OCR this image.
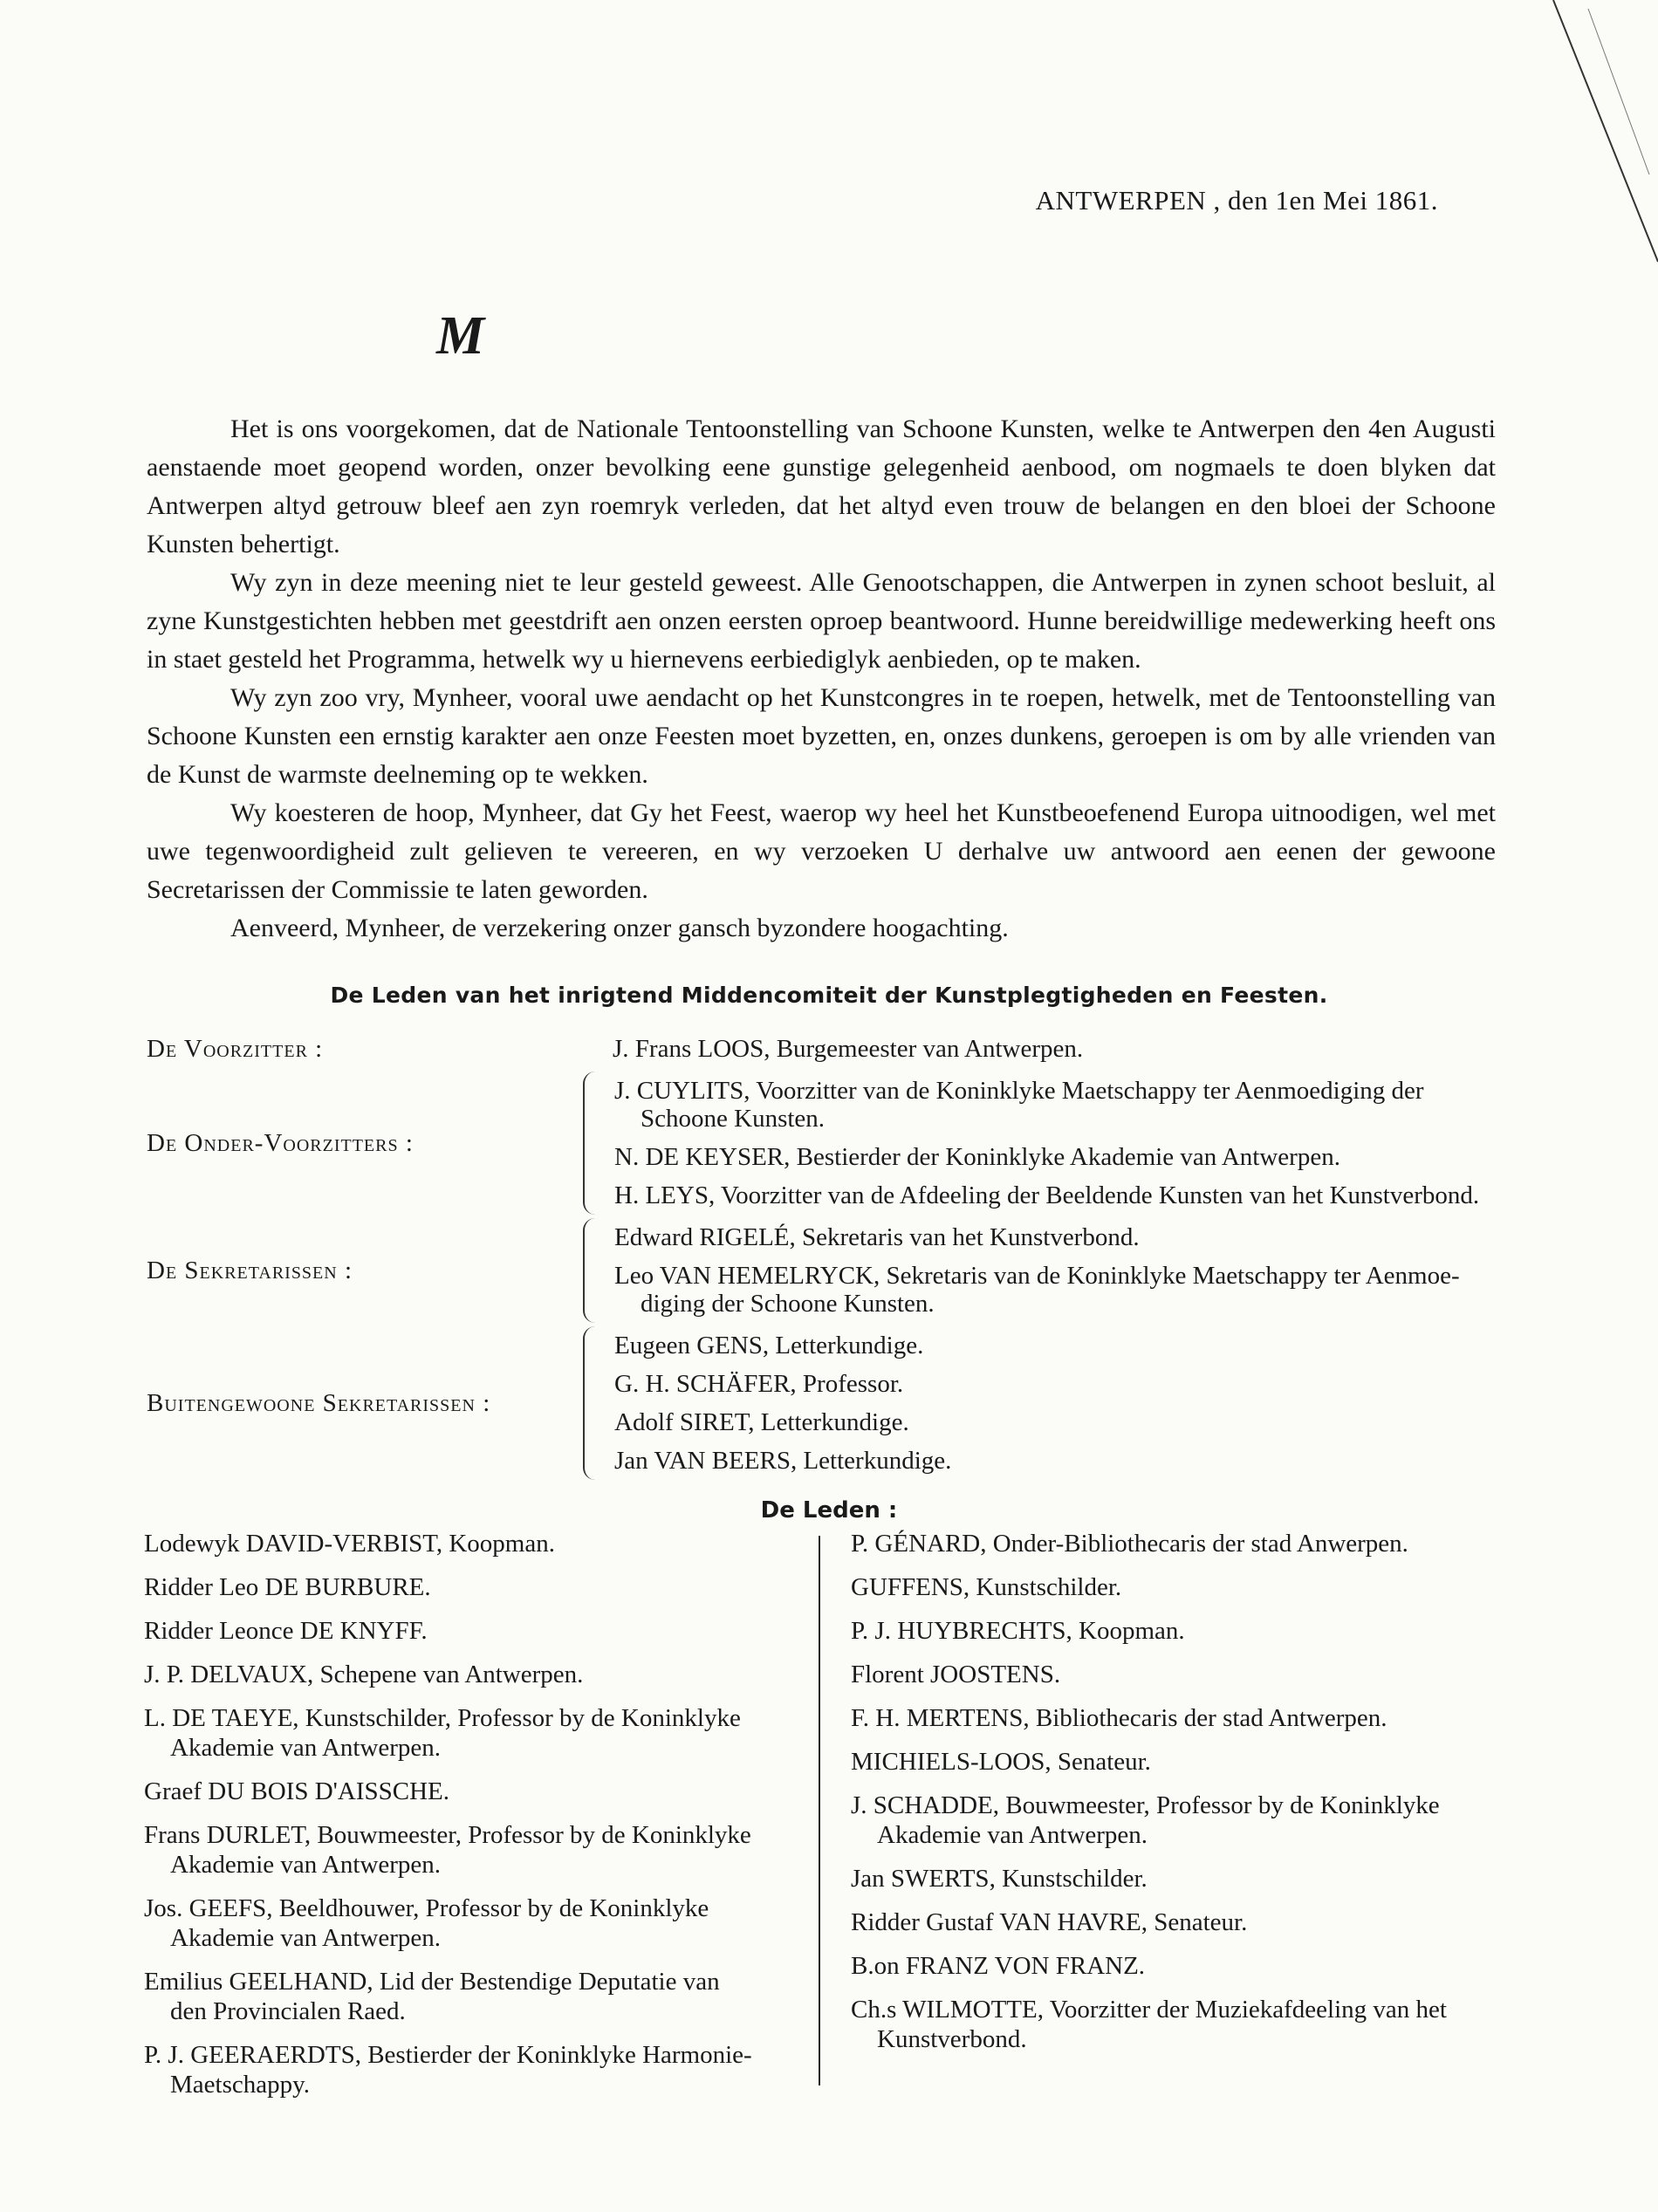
ANTWERPEN , den 1en Mei 1861.
M

Het is ons voorgekomen, dat de Nationale Tentoonstelling van Schoone Kunsten, welke te Antwerpen den 4en Augusti aenstaende moet geopend worden, onzer bevolking eene gunstige gelegenheid aenbood, om nogmaels te doen blyken dat Antwerpen altyd getrouw bleef aen zyn roemryk verleden, dat het altyd even trouw de belangen en den bloei der Schoone Kunsten behertigt.

Wy zyn in deze meening niet te leur gesteld geweest. Alle Genootschappen, die Antwerpen in zynen schoot besluit, al zyne Kunstgestichten hebben met geestdrift aen onzen eersten oproep beantwoord. Hunne bereidwillige medewerking heeft ons in staet gesteld het Programma, hetwelk wy u hiernevens eerbiediglyk aenbieden, op te maken.

Wy zyn zoo vry, Mynheer, vooral uwe aendacht op het Kunstcongres in te roepen, hetwelk, met de Tentoonstelling van Schoone Kunsten een ernstig karakter aen onze Feesten moet byzetten, en, onzes dunkens, geroepen is om by alle vrienden van de Kunst de warmste deelneming op te wekken.

Wy koesteren de hoop, Mynheer, dat Gy het Feest, waerop wy heel het Kunstbeoefenend Europa uitnoodigen, wel met uwe tegenwoordigheid zult gelieven te vereeren, en wy verzoeken U derhalve uw antwoord aen eenen der gewoone Secretarissen der Commissie te laten geworden.

Aenveerd, Mynheer, de verzekering onzer gansch byzondere hoogachting.

De Leden van het inrigtend Middencomiteit der Kunstplegtigheden en Feesten.
De Voorzitter :	J. Frans LOOS, Burgemeester van Antwerpen.
De Onder-Voorzitters :
J. CUYLITS, Voorzitter van de Koninklyke Maetschappy ter Aenmoediging der
Schoone Kunsten.
N. DE KEYSER, Bestierder der Koninklyke Akademie van Antwerpen.
H. LEYS, Voorzitter van de Afdeeling der Beeldende Kunsten van het Kunstverbond.
De Sekretarissen :
Edward RIGELÉ, Sekretaris van het Kunstverbond.
Leo VAN HEMELRYCK, Sekretaris van de Koninklyke Maetschappy ter Aenmoe-
diging der Schoone Kunsten.
Buitengewoone Sekretarissen :
Eugeen GENS, Letterkundige.
G. H. SCHÄFER, Professor.
Adolf SIRET, Letterkundige.
Jan VAN BEERS, Letterkundige.
De Leden :
Lodewyk DAVID-VERBIST, Koopman.
Ridder Leo DE BURBURE.
Ridder Leonce DE KNYFF.
J. P. DELVAUX, Schepene van Antwerpen.
L. DE TAEYE, Kunstschilder, Professor by de Koninklyke
Akademie van Antwerpen.
Graef DU BOIS D'AISSCHE.
Frans DURLET, Bouwmeester, Professor by de Koninklyke
Akademie van Antwerpen.
Jos. GEEFS, Beeldhouwer, Professor by de Koninklyke
Akademie van Antwerpen.
Emilius GEELHAND, Lid der Bestendige Deputatie van
den Provincialen Raed.
P. J. GEERAERDTS, Bestierder der Koninklyke Harmonie-
Maetschappy.
P. GÉNARD, Onder-Bibliothecaris der stad Anwerpen.
GUFFENS, Kunstschilder.
P. J. HUYBRECHTS, Koopman.
Florent JOOSTENS.
F. H. MERTENS, Bibliothecaris der stad Antwerpen.
MICHIELS-LOOS, Senateur.
J. SCHADDE, Bouwmeester, Professor by de Koninklyke
Akademie van Antwerpen.
Jan SWERTS, Kunstschilder.
Ridder Gustaf VAN HAVRE, Senateur.
B.on FRANZ VON FRANZ.
Ch.s WILMOTTE, Voorzitter der Muziekafdeeling van het
Kunstverbond.
